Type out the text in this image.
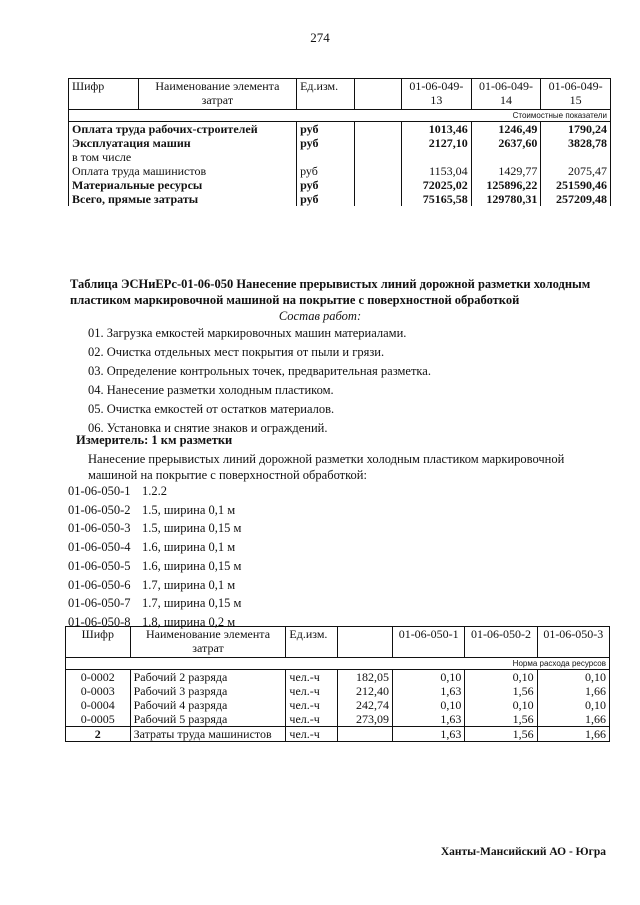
274
Шифр	Наименование элемента затрат	Ед.изм.		01-06-049-13	01-06-049-14	01-06-049-15
Стоимостные показатели						
Оплата труда рабочих-строителей		руб		1013,46	1246,49	1790,24
Эксплуатация машин		руб		2127,10	2637,60	3828,78
в том числе						
Оплата труда машинистов		руб		1153,04	1429,77	2075,47
Материальные ресурсы		руб		72025,02	125896,22	251590,46
Всего, прямые затраты		руб		75165,58	129780,31	257209,48
Таблица ЭСНиЕРс-01-06-050 Нанесение прерывистых линий дорожной разметки холодным пластиком маркировочной машиной на покрытие с поверхностной обработкой
Состав работ:
01. Загрузка емкостей маркировочных машин материалами.
02. Очистка отдельных мест покрытия от пыли и грязи.
03. Определение контрольных точек, предварительная разметка.
04. Нанесение разметки холодным пластиком.
05. Очистка емкостей от остатков материалов.
06. Установка и снятие знаков и ограждений.
Измеритель: 1 км разметки
Нанесение прерывистых линий дорожной разметки холодным пластиком маркировочной машиной на покрытие с поверхностной обработкой:
01-06-050-1 1.2.2
01-06-050-2 1.5, ширина 0,1 м
01-06-050-3 1.5, ширина 0,15 м
01-06-050-4 1.6, ширина 0,1 м
01-06-050-5 1.6, ширина 0,15 м
01-06-050-6 1.7, ширина 0,1 м
01-06-050-7 1.7, ширина 0,15 м
01-06-050-8 1.8, ширина 0,2 м
Шифр	Наименование элемента затрат	Ед.изм.		01-06-050-1	01-06-050-2	01-06-050-3
Норма расхода ресурсов						
0-0002	Рабочий 2 разряда	чел.-ч	182,05	0,10	0,10	0,10
0-0003	Рабочий 3 разряда	чел.-ч	212,40	1,63	1,56	1,66
0-0004	Рабочий 4 разряда	чел.-ч	242,74	0,10	0,10	0,10
0-0005	Рабочий 5 разряда	чел.-ч	273,09	1,63	1,56	1,66
2	Затраты труда машинистов	чел.-ч		1,63	1,56	1,66
Ханты-Мансийский АО - Югра
